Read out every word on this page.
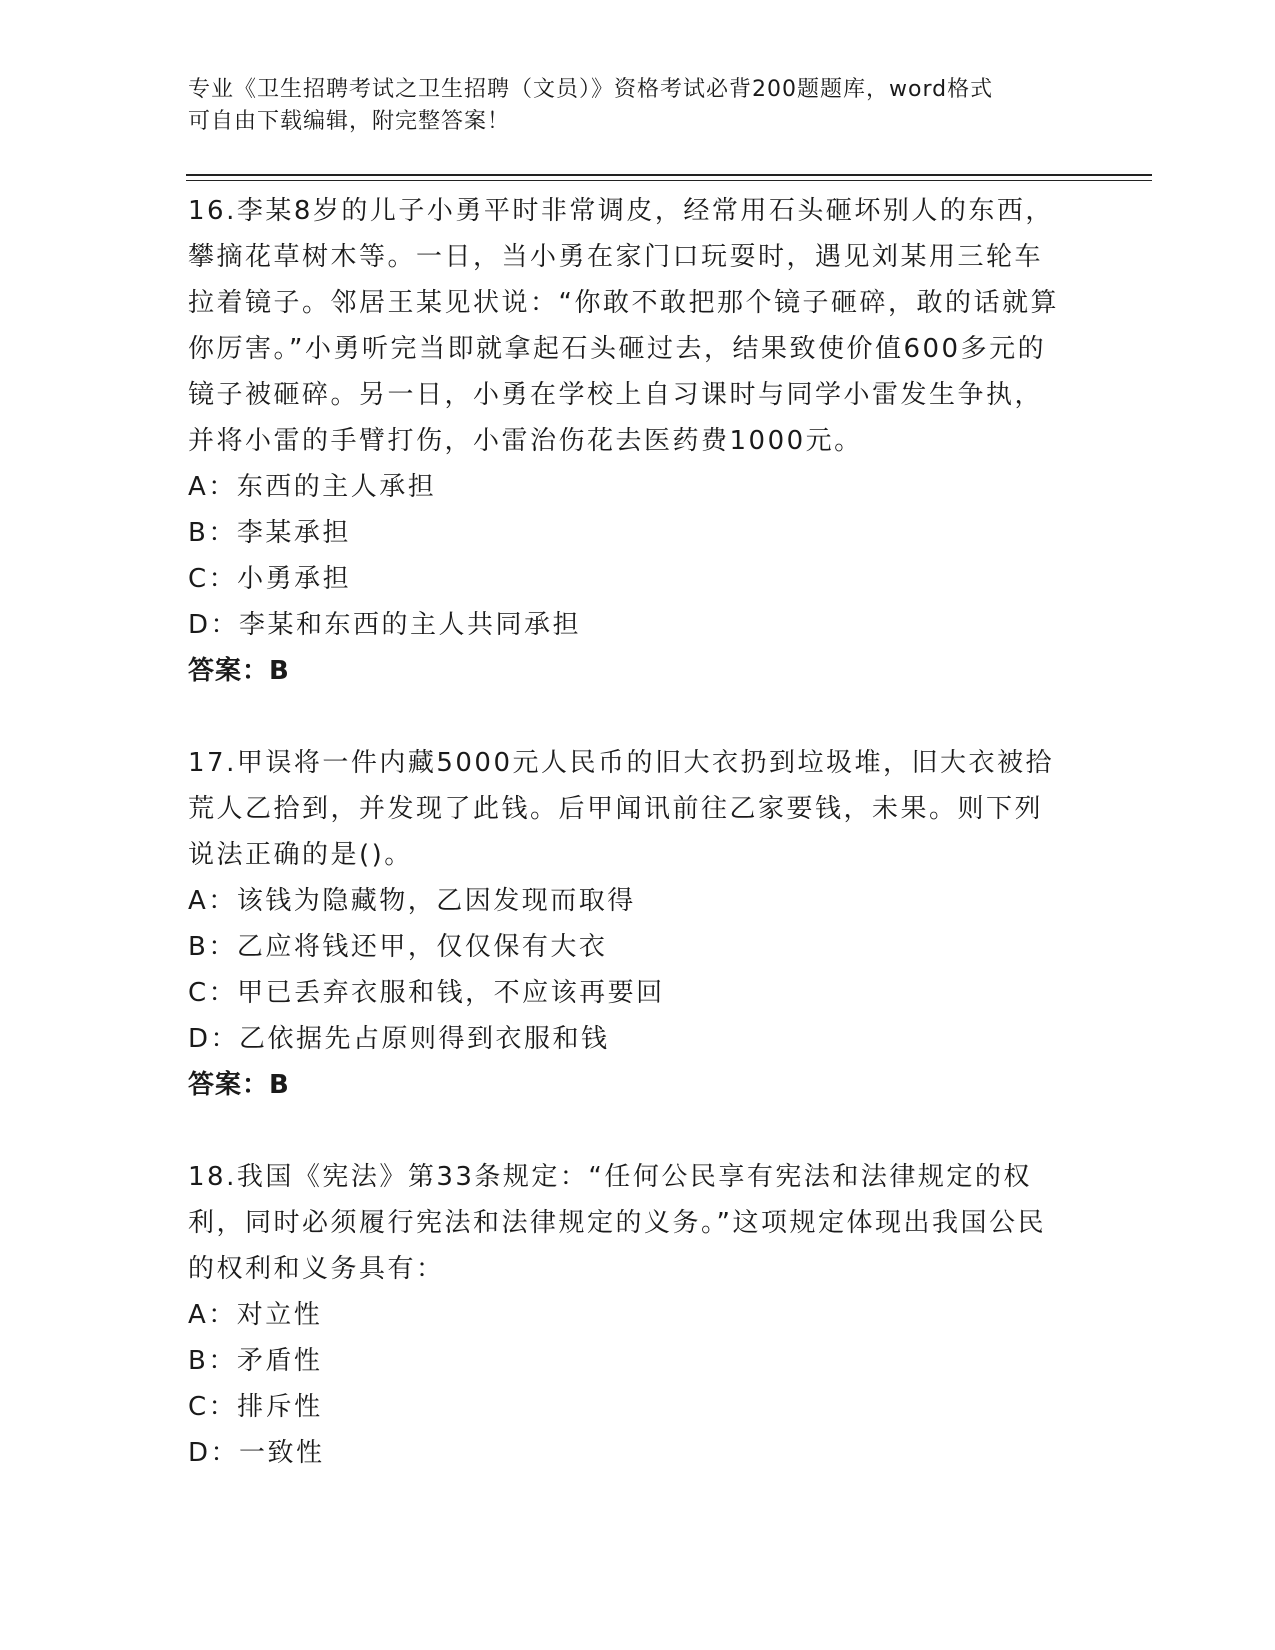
专业《卫生招聘考试之卫生招聘（文员）》资格考试必背200题题库，word格式
可自由下载编辑，附完整答案！

16.李某8岁的儿子小勇平时非常调皮，经常用石头砸坏别人的东西，攀摘花草树木等。一日，当小勇在家门口玩耍时，遇见刘某用三轮车拉着镜子。邻居王某见状说：“你敢不敢把那个镜子砸碎，敢的话就算你厉害。”小勇听完当即就拿起石头砸过去，结果致使价值600多元的镜子被砸碎。另一日，小勇在学校上自习课时与同学小雷发生争执，并将小雷的手臂打伤，小雷治伤花去医药费1000元。

A：东西的主人承担

B：李某承担

C：小勇承担

D：李某和东西的主人共同承担

答案：B

17.甲误将一件内藏5000元人民币的旧大衣扔到垃圾堆，旧大衣被拾荒人乙拾到，并发现了此钱。后甲闻讯前往乙家要钱，未果。则下列说法正确的是()。

A：该钱为隐藏物，乙因发现而取得

B：乙应将钱还甲，仅仅保有大衣

C：甲已丢弃衣服和钱，不应该再要回

D：乙依据先占原则得到衣服和钱

答案：B

18.我国《宪法》第33条规定：“任何公民享有宪法和法律规定的权利，同时必须履行宪法和法律规定的义务。”这项规定体现出我国公民的权利和义务具有：

A：对立性

B：矛盾性

C：排斥性

D：一致性
